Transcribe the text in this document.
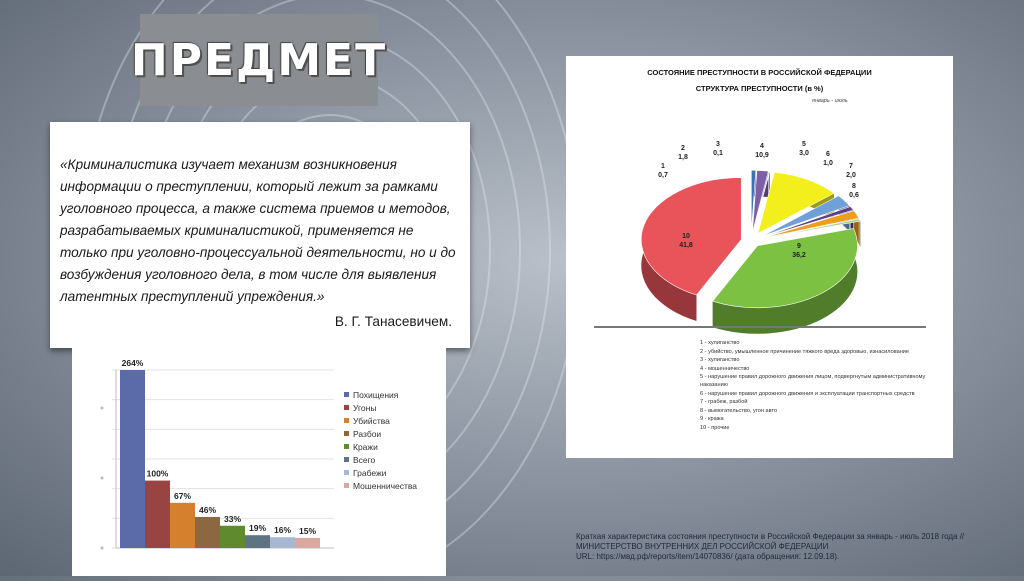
ПРЕДМЕТ

«Криминалистика изучает механизм возникновения информации о преступлении, который лежит за рамками уголовного процесса, а также система приемов и методов, разрабатываемых криминалистикой, применяется не только при уголовно-процессуальной деятельности, но и до возбуждения уголовного дела, в том числе для выявления латентных преступлений упреждения.»

В. Г. Танасевичем.
264%
100%
67%
46%
33%
19% 16% 15%
Похищения
Угоны
Убийства
Разбои
Кражи
Всего
Грабежи
Мошенничества
СОСТОЯНИЕ ПРЕСТУПНОСТИ В РОССИЙСКОЙ ФЕДЕРАЦИИ
СТРУКТУРА ПРЕСТУПНОСТИ (в %)
январь - июль
1
0,7
2
1,8
3
0,1
4
10,9
5
3,0 6
1,0 7
2,0
8
0,6
9
36,2
10
41,8
1 - хулиганство
2 - убийство, умышленное причинение тяжкого вреда здоровью, изнасилование
3 - хулиганство
4 - мошенничество
5 - нарушение правил дорожного движения лицом, подвергнутым административному наказанию
6 - нарушение правил дорожного движения и эксплуатации транспортных средств
7 - грабеж, разбой
8 - вымогательство, угон авто
9 - кража
10 - прочие
Краткая характеристика состояния преступности в Российской Федерации за январь - июль 2018 года //
МИНИСТЕРСТВО ВНУТРЕННИХ ДЕЛ РОССИЙСКОЙ ФЕДЕРАЦИИ
URL: https://мвд.рф/reports/item/14070836/ (дата обращения: 12.09.18).
